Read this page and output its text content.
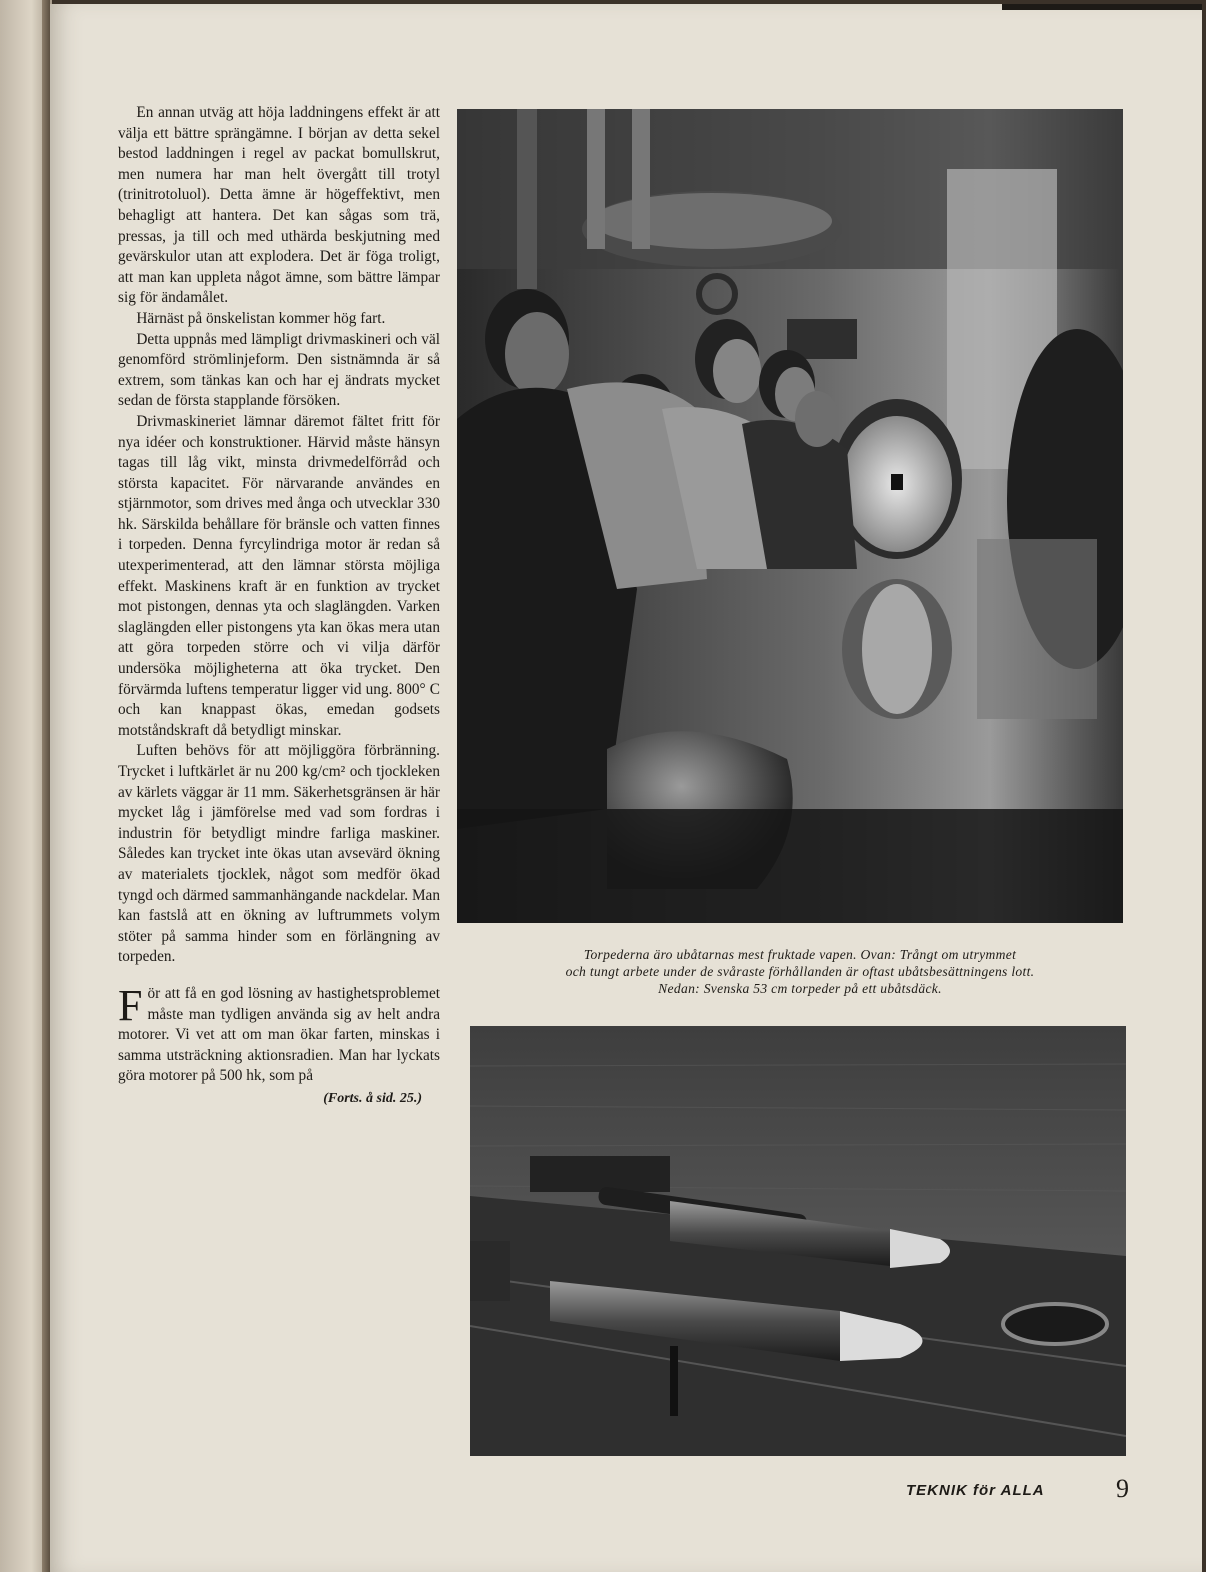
En annan utväg att höja laddningens effekt är att välja ett bättre sprängämne. I början av detta sekel bestod laddningen i regel av packat bomullskrut, men numera har man helt övergått till trotyl (trinitrotoluol). Detta ämne är högeffektivt, men behagligt att hantera. Det kan sågas som trä, pressas, ja till och med uthärda beskjutning med gevärskulor utan att explodera. Det är föga troligt, att man kan uppleta något ämne, som bättre lämpar sig för ändamålet.

Härnäst på önskelistan kommer hög fart.

Detta uppnås med lämpligt drivmaskineri och väl genomförd strömlinjeform. Den sistnämnda är så extrem, som tänkas kan och har ej ändrats mycket sedan de första stapplande försöken.

Drivmaskineriet lämnar däremot fältet fritt för nya idéer och konstruktioner. Härvid måste hänsyn tagas till låg vikt, minsta drivmedelförråd och största kapacitet. För närvarande användes en stjärnmotor, som drives med ånga och utvecklar 330 hk. Särskilda behållare för bränsle och vatten finnes i torpeden. Denna fyrcylindriga motor är redan så utexperimenterad, att den lämnar största möjliga effekt. Maskinens kraft är en funktion av trycket mot pistongen, dennas yta och slaglängden. Varken slaglängden eller pistongens yta kan ökas mera utan att göra torpeden större och vi vilja därför undersöka möjligheterna att öka trycket. Den förvärmda luftens temperatur ligger vid ung. 800° C och kan knappast ökas, emedan godsets motståndskraft då betydligt minskar.

Luften behövs för att möjliggöra förbränning. Trycket i luftkärlet är nu 200 kg/cm² och tjockleken av kärlets väggar är 11 mm. Säkerhetsgränsen är här mycket låg i jämförelse med vad som fordras i industrin för betydligt mindre farliga maskiner. Således kan trycket inte ökas utan avsevärd ökning av materialets tjocklek, något som medför ökad tyngd och därmed sammanhängande nackdelar. Man kan fastslå att en ökning av luftrummets volym stöter på samma hinder som en förlängning av torpeden.

För att få en god lösning av hastighetsproblemet måste man tydligen använda sig av helt andra motorer. Vi vet att om man ökar farten, minskas i samma utsträckning aktionsradien. Man har lyckats göra motorer på 500 hk, som på

(Forts. å sid. 25.)
Torpederna äro ubåtarnas mest fruktade vapen. Ovan: Trångt om utrymmet
och tungt arbete under de svåraste förhållanden är oftast ubåtsbesättningens lott.
Nedan: Svenska 53 cm torpeder på ett ubåtsdäck.
TEKNIK för ALLA	9
